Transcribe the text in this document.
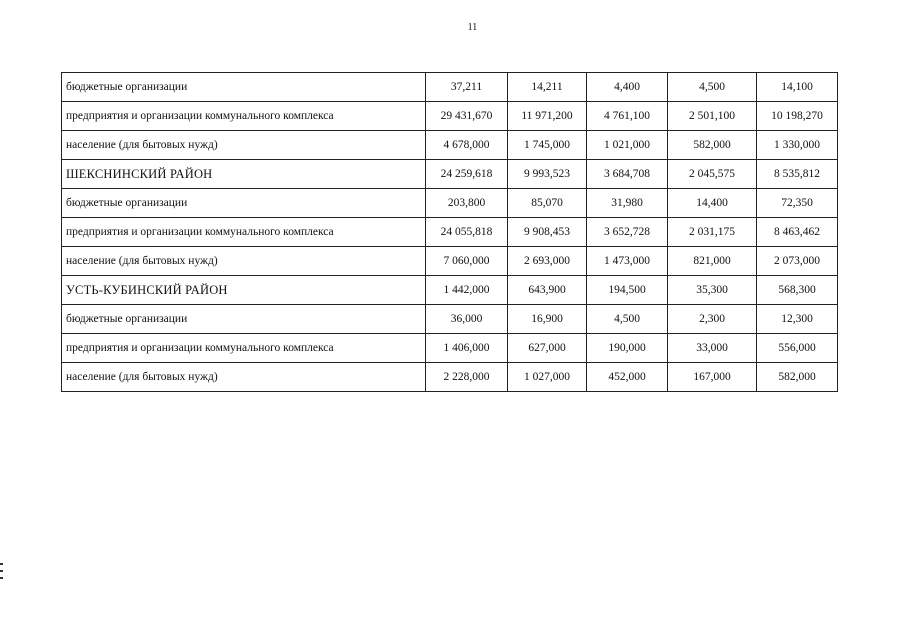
11
бюджетные организации	37,211	14,211	4,400	4,500	14,100
предприятия и организации коммунального комплекса	29 431,670	11 971,200	4 761,100	2 501,100	10 198,270
население (для бытовых нужд)	4 678,000	1 745,000	1 021,000	582,000	1 330,000
ШЕКСНИНСКИЙ РАЙОН	24 259,618	9 993,523	3 684,708	2 045,575	8 535,812
бюджетные организации	203,800	85,070	31,980	14,400	72,350
предприятия и организации коммунального комплекса	24 055,818	9 908,453	3 652,728	2 031,175	8 463,462
население (для бытовых нужд)	7 060,000	2 693,000	1 473,000	821,000	2 073,000
УСТЬ-КУБИНСКИЙ РАЙОН	1 442,000	643,900	194,500	35,300	568,300
бюджетные организации	36,000	16,900	4,500	2,300	12,300
предприятия и организации коммунального комплекса	1 406,000	627,000	190,000	33,000	556,000
население (для бытовых нужд)	2 228,000	1 027,000	452,000	167,000	582,000
